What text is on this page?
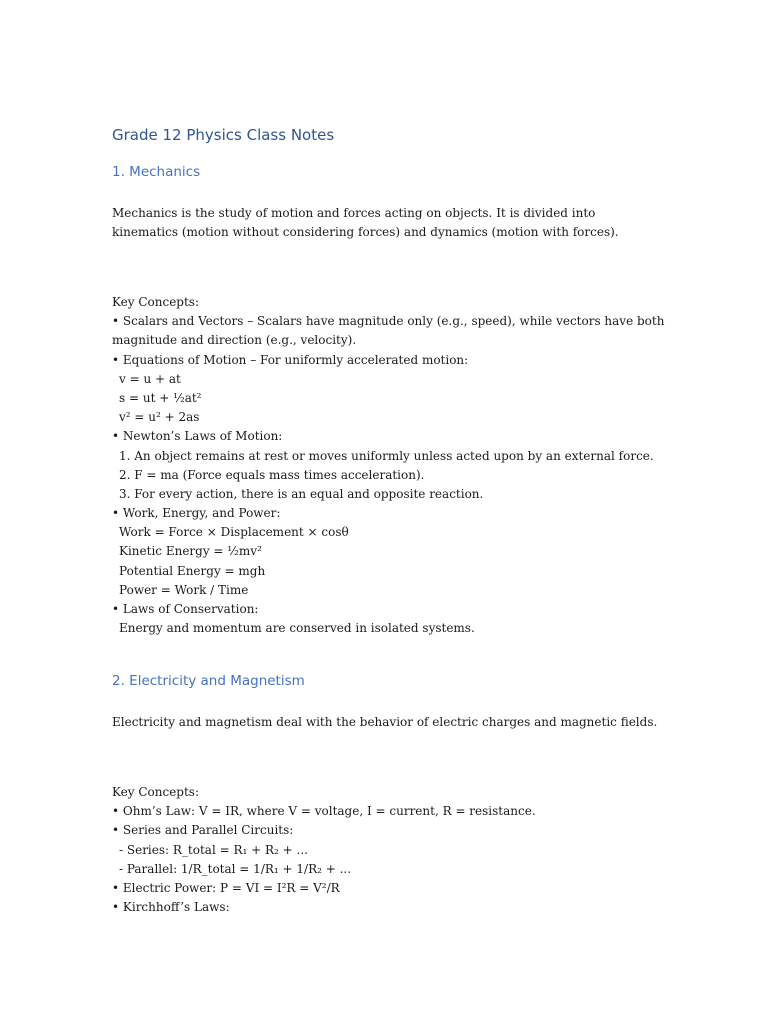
Grade 12 Physics Class Notes
1. Mechanics

Mechanics is the study of motion and forces acting on objects. It is divided into kinematics (motion without considering forces) and dynamics (motion with forces).

Key Concepts:
• Scalars and Vectors – Scalars have magnitude only (e.g., speed), while vectors have both magnitude and direction (e.g., velocity).
• Equations of Motion – For uniformly accelerated motion:
v = u + at
s = ut + ½at²
v² = u² + 2as
• Newton’s Laws of Motion:
1. An object remains at rest or moves uniformly unless acted upon by an external force.
2. F = ma (Force equals mass times acceleration).
3. For every action, there is an equal and opposite reaction.
• Work, Energy, and Power:
Work = Force × Displacement × cosθ
Kinetic Energy = ½mv²
Potential Energy = mgh
Power = Work / Time
• Laws of Conservation:
Energy and momentum are conserved in isolated systems.
2. Electricity and Magnetism

Electricity and magnetism deal with the behavior of electric charges and magnetic fields.

Key Concepts:
• Ohm’s Law: V = IR, where V = voltage, I = current, R = resistance.
• Series and Parallel Circuits:
- Series: R_total = R₁ + R₂ + ...
- Parallel: 1/R_total = 1/R₁ + 1/R₂ + ...
• Electric Power: P = VI = I²R = V²/R
• Kirchhoff’s Laws:
